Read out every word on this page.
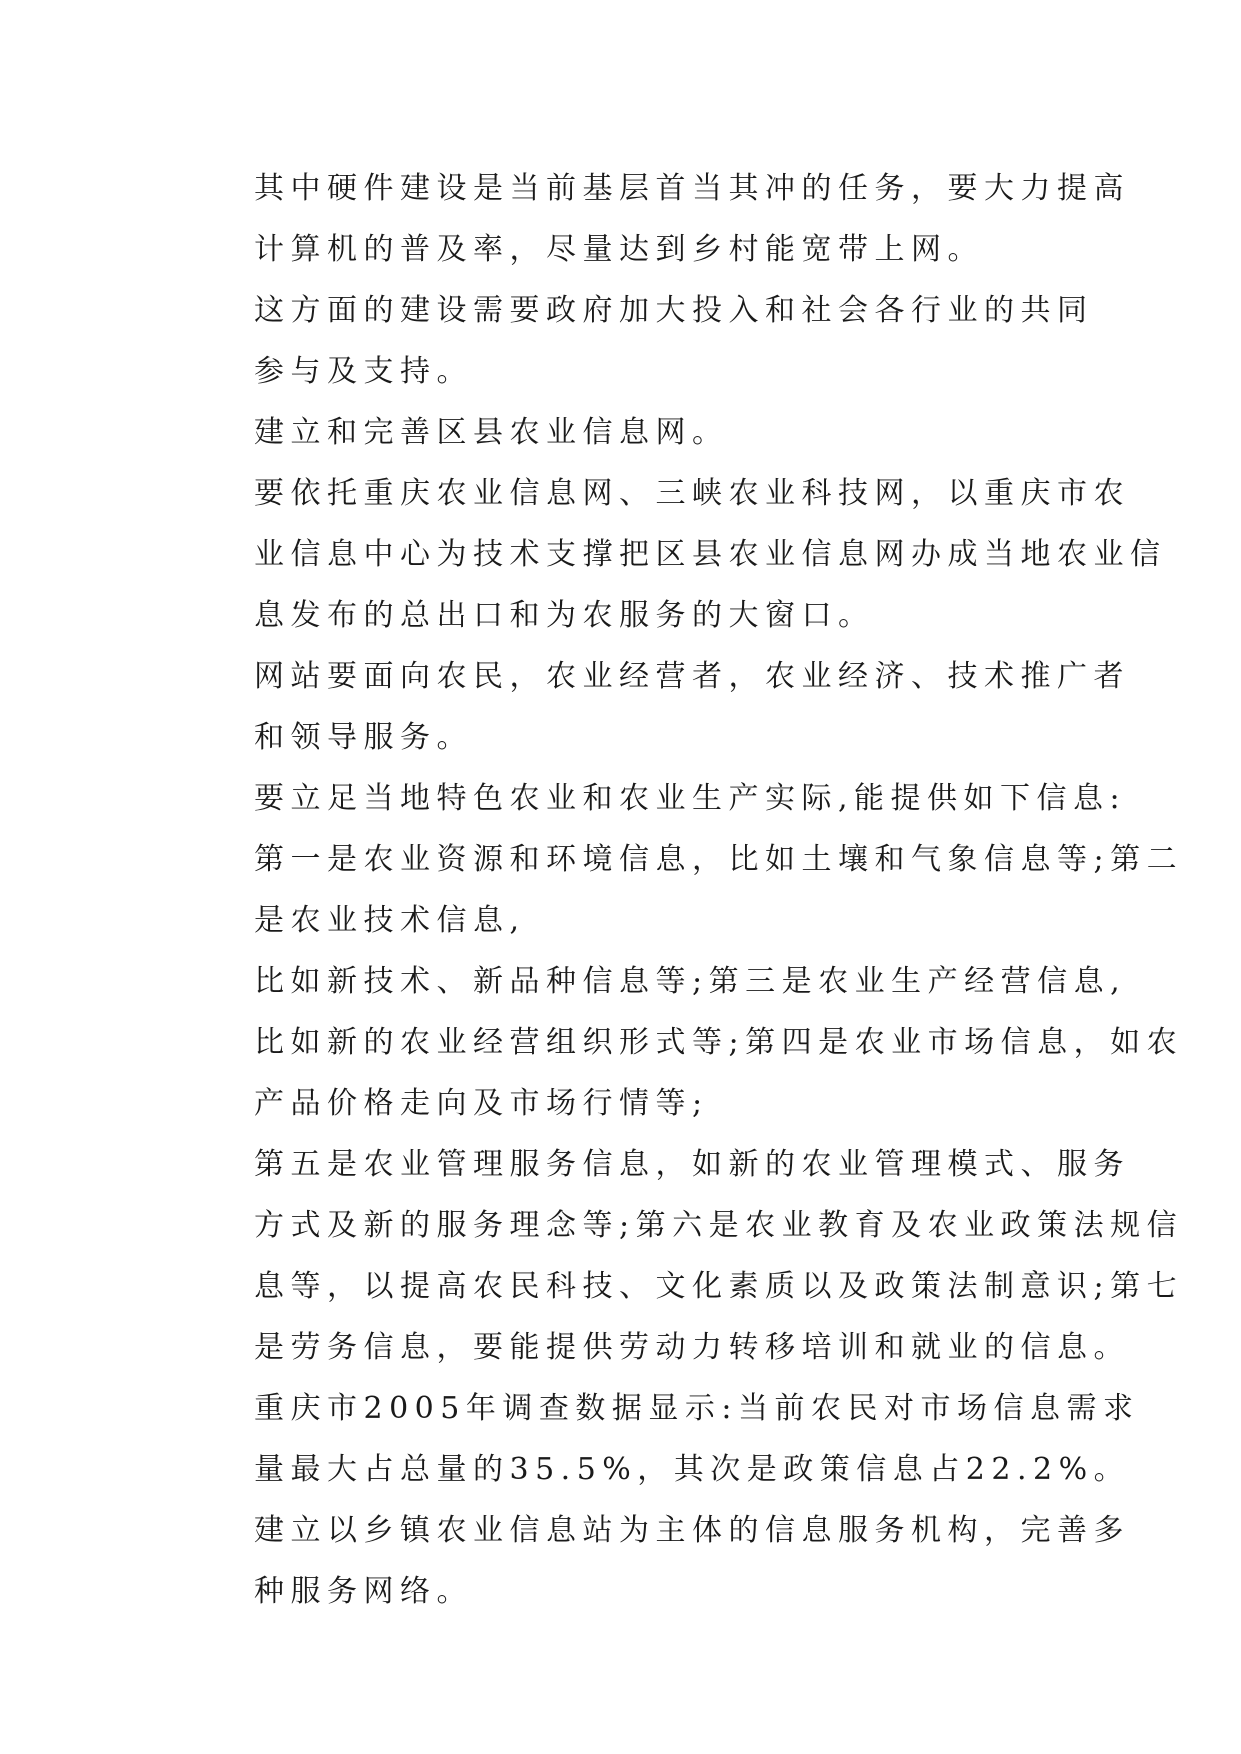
其中硬件建设是当前基层首当其冲的任务，要大力提高
计算机的普及率，尽量达到乡村能宽带上网。

这方面的建设需要政府加大投入和社会各行业的共同
参与及支持。

建立和完善区县农业信息网。

要依托重庆农业信息网、三峡农业科技网，以重庆市农
业信息中心为技术支撑把区县农业信息网办成当地农业信
息发布的总出口和为农服务的大窗口。

网站要面向农民，农业经营者，农业经济、技术推广者
和领导服务。

要立足当地特色农业和农业生产实际,能提供如下信息:
第一是农业资源和环境信息，比如土壤和气象信息等;第二
是农业技术信息,

比如新技术、新品种信息等;第三是农业生产经营信息,
比如新的农业经营组织形式等;第四是农业市场信息，如农
产品价格走向及市场行情等;

第五是农业管理服务信息，如新的农业管理模式、服务
方式及新的服务理念等;第六是农业教育及农业政策法规信
息等，以提高农民科技、文化素质以及政策法制意识;第七
是劳务信息，要能提供劳动力转移培训和就业的信息。

重庆市2005年调查数据显示:当前农民对市场信息需求
量最大占总量的35.5%，其次是政策信息占22.2%。

建立以乡镇农业信息站为主体的信息服务机构，完善多
种服务网络。
